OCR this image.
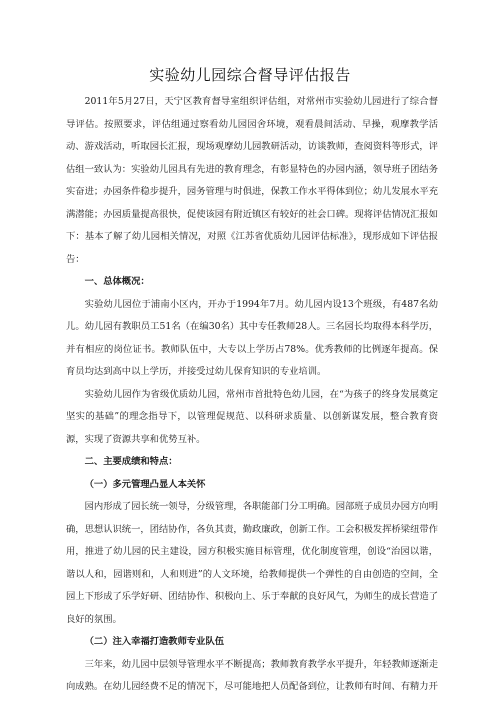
实验幼儿园综合督导评估报告

2011年5月27日，天宁区教育督导室组织评估组，对常州市实验幼儿园进行了综合督导评估。按照要求，评估组通过察看幼儿园园舍环境，观看晨间活动、早操，观摩教学活动、游戏活动，听取园长汇报，现场观摩幼儿园教研活动，访谈教师，查阅资料等形式，评估组一致认为：实验幼儿园具有先进的教育理念，有彰显特色的办园内涵，领导班子团结务实奋进；办园条件稳步提升，园务管理与时俱进，保教工作水平得体到位；幼儿发展水平充满潜能；办园质量提高很快，促使该园有附近镇区有较好的社会口碑。现将评估情况汇报如下：基本了解了幼儿园相关情况，对照《江苏省优质幼儿园评估标准》，现形成如下评估报告：

一、总体概况：

实验幼儿园位于浦南小区内，开办于1994年7月。幼儿园内设13个班级，有487名幼儿。幼儿园有教职员工51名（在编30名）其中专任教师28人。三名园长均取得本科学历，并有相应的岗位证书。教师队伍中，大专以上学历占78%。优秀教师的比例逐年提高。保育员均达到高中以上学历，并接受过幼儿保育知识的专业培训。

实验幼儿园作为省级优质幼儿园，常州市首批特色幼儿园，在“为孩子的终身发展奠定坚实的基础”的理念指导下，以管理促规范、以科研求质量、以创新谋发展，整合教育资源，实现了资源共享和优势互补。

二、主要成绩和特点：

（一）多元管理凸显人本关怀

园内形成了园长统一领导，分级管理，各职能部门分工明确。园部班子成员办园方向明确，思想认识统一，团结协作，各负其责，勤政廉政，创新工作。工会积极发挥桥梁纽带作用，推进了幼儿园的民主建设，园方积极实施目标管理，优化制度管理，创设“治园以谐，谐以人和，园谐则和，人和则进”的人文环境，给教师提供一个弹性的自由创造的空间，全园上下形成了乐学好研、团结协作、积极向上、乐于奉献的良好风气，为师生的成长营造了良好的氛围。

（二）注入幸福打造教师专业队伍

三年来，幼儿园中层领导管理水平不断提高；教师教育教学水平提升，年轻教师逐渐走向成熟。在幼儿园经费不足的情况下，尽可能地把人员配备到位，让教师有时间、有精力开
